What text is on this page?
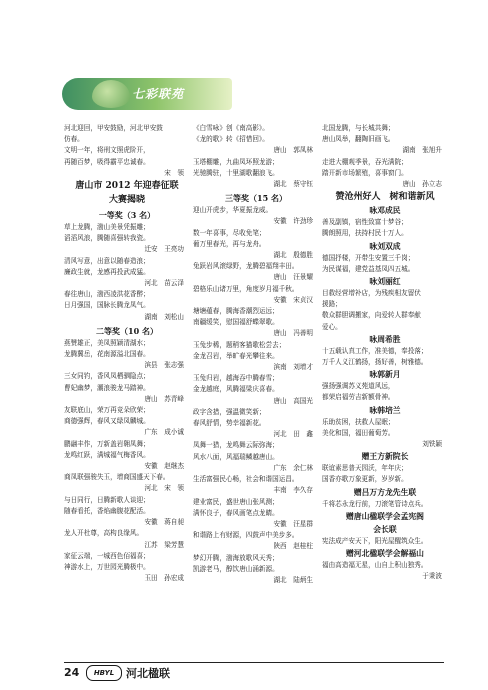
七彩联苑
河北迎回，甲安鼓励，河北甲安鼓
仿春。
文明一年，将刑文照虎阶开，
再随百梦，吸得霸平忠诚春。
宋　领
唐山市 2012 年迎春征联
大赛揭晓
一等奖（3 名）
草上龙腾，渤山美景凭振雕；
滔滔风浪，腾随喜强转我瓷。
迁安　王亮功
清风写意，出意以随春造浪；
廉政生就，龙感再投武成猛。
河北　苗云泽
春往唐山，渤西凌洪花香醉；
日月强国，国脉长腾龙凤气。
湖南　刘松山
二等奖（10 名）
燕赞雄正，美凤照颖清湖水；
龙腾冀岳，花南源溢北国春。
滨县　张志强
三女同钓，香风凤栖驷隐点；
曹妃幽梦，潮浪骏龙马踏神。
唐山　苏青峰
友联底山，荣万再竞朵欣荣；
商德强辉，春风又绿凤麟城。
广东　成小诚
鹏翮丰作，万新盖岩翱凤舞；
龙鸣红跃，满城福气梅香风。
安徽　赵继杰
商凤联强骏失玉，增商国盛天下春。
河北　宋　领
与日同行，日腾新歌人谈迎；
随春看托，香焰幽腹花配活。
安徽　蒋自昶
龙人开杜尊，高构良缘风。
江苏　梁芳慧
家征云端，一城西色佰福喜；
神游水上，万世园光腾极中。
玉田　孙宏成
《白雪咏》创《南高影》。
《龙的歌》转《招惜回》。
唐山　郭凤林
玉塔棚雕，九曲凤环照龙游；
光驰腾驻，十里湖歌翻浪飞。
湖北　蔡守钰
三等奖（15 名）
迎山开虎步，华夏振龙威。
安徽　许劲珍
数一年喜事，尽收免笔；
葡万里春光，再与龙舟。
湖北　殷德胜
兔跃岩风滚绿野，龙腾碧福翔丰田。
唐山　汪景耀
碧格乐山诸万里，角度岁月福千秋。
安徽　宋贞汉
塘塘蕴春，腾海香潮烈运远；
南疆缓笑，慰国福舒蝶翠歌。
唐山　冯善明
玉兔步稀，题稍客猫歌松尝去；
金龙召岩，举旷春光攀往来。
滨南　刘增才
玉兔归岩，越海吞中腾春雪；
金龙越庭，风腾福梁庆喜春。
唐山　高国光
政字含措，强温微笑新；
春风舒情，势幸福新花。
河北　田　鑫
凤舞一猎，龙鸣舞云际弥海；
风水八面，风福瑞鳞越唐山。
广东　余仁林
生活富强民心畅，社会和谐国运昌。
丰南　李久存
建业富民，盛世唐山张风测；
满怀良子，春风画笔点龙睛。
安徽　汪星群
和谐路上有财源，四鼓声中美步多。
陕西　赵桂柱
梦幻开腾，渤海放歌风天秀；
凯游老马，醇饮唐山涌新源。
湖北　陆炳生
北国龙腾，与长城共舞；
唐山凤举，翻陶旧画飞。
湖南　张旭升
走进大棚观季景，吞光满院；
踏开新市场繁殖，喜事窗门。
唐山　孙立志
赞沧州好人　树和谐新风
咏邓成民
善及副镇，宿性致富十梦谷；
腾朗照用，扶持村民十万人。
咏刘双成
德国抒楼，开带生安置三千岗；
为民谋福，建党益基凤四五城。
咏刘丽红
目救经营增补店，为残疾相友留伏
援路；
敬众群胆调搬家，向爱转人群奉献
爱心。
咏周希胜
十五载认真工作，准美德，奉投落；
万千人义江鹤扬，扬好善，树雅德。
咏郭新月
强扬强调苏义苑道风远，
都荣启福劳吉新额骨神。
咏韩培兰
乐助贫困，扶救人屋眠；
美化和国，福田葡萄芳。
刘铁颖
赠王方新院长
联谊素思普天园沃，年年庆；
国香亦歌万象更新，岁岁新。
赠吕万方龙先生联
千将芯永龙行前，刀滚笔管诗点兵。
赠唐山楹联学会孟宪阁
会长联
宪法成产安天下，阳光屋醒筑众生。
赠河北楹联学会解福山
福由高造福无星，山自上积山独秀。
于秉波
24	HBYL	河北楹联
